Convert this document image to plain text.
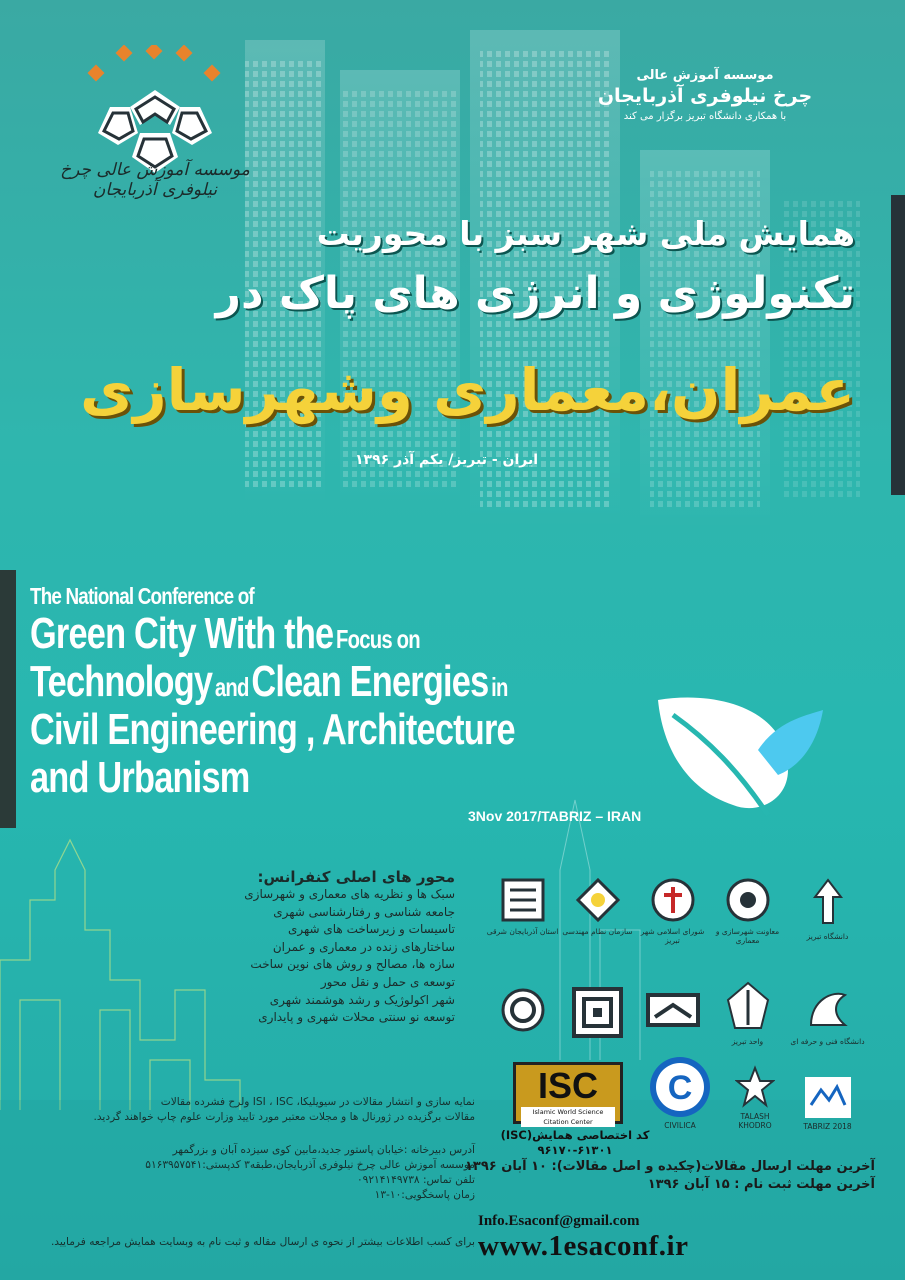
موسسه آموزش عالی چرخ نیلوفری آذربایجان
موسسه آموزش عالی
چرخ نیلوفری آذربایجان
با همکاری دانشگاه تبریز برگزار می کند
همایش ملی شهر سبز با محوریت
تکنولوژی و انرژی های پاک در
عمران،معماری وشهرسازی
ایران - تبریز/ یکم آذر ۱۳۹۶
The National Conference of
Green City With the Focus on
Technology and Clean Energies in
Civil Engineering , Architecture
and Urbanism
3Nov 2017/TABRIZ – IRAN
محور های اصلی کنفرانس:
سبک ها و نظریه های معماری و شهرسازی
جامعه شناسی و رفتارشناسی شهری
تاسیسات و زیرساخت های شهری
ساختارهای زنده در معماری و عمران
سازه ها، مصالح و روش های نوین ساخت
توسعه ی حمل و نقل محور
شهر اکولوژیک و رشد هوشمند شهری
توسعه نو سنتی محلات شهری و پایداری
دانشگاه تبریز
معاونت شهرسازی و معماری
شورای اسلامی شهر تبریز
سازمان نظام مهندسی
استان آذربایجان شرقی
دانشگاه فنی و حرفه ای
واحد تبریز
TABRIZ 2018
TALASH KHODRO
C
CIVILICA
ISC
Islamic World Science Citation Center
کد اختصاصی همایش(ISC)
۹۶۱۷۰-۶۱۳۰۱
نمایه سازی و انتشار مقالات در سیویلیکا، ISI ، ISC ولرح فشرده مقالات
مقالات برگزیده در ژورنال ها و مجلات معتبر مورد تایید وزارت علوم چاپ خواهند گردید.
آدرس دبیرخانه :خیابان پاستور جدید،مابین کوی سیزده آبان و بزرگمهر
موسسه آموزش عالی چرخ نیلوفری آذربایجان،طبقه۳ کدپستی:۵۱۶۳۹۵۷۵۴۱
تلفن تماس: ۰۹۲۱۴۱۴۹۷۳۸
زمان پاسخگویی:۱۰-۱۳
برای کسب اطلاعات بیشتر از نحوه ی ارسال مقاله و ثبت نام به وبسایت همایش مراجعه فرمایید.
آخرین مهلت ارسال مقالات(چکیده و اصل مقالات): ۱۰ آبان ۱۳۹۶
آخرین مهلت ثبت نام : ۱۵ آبان ۱۳۹۶
Info.Esaconf@gmail.com
www.1esaconf.ir
